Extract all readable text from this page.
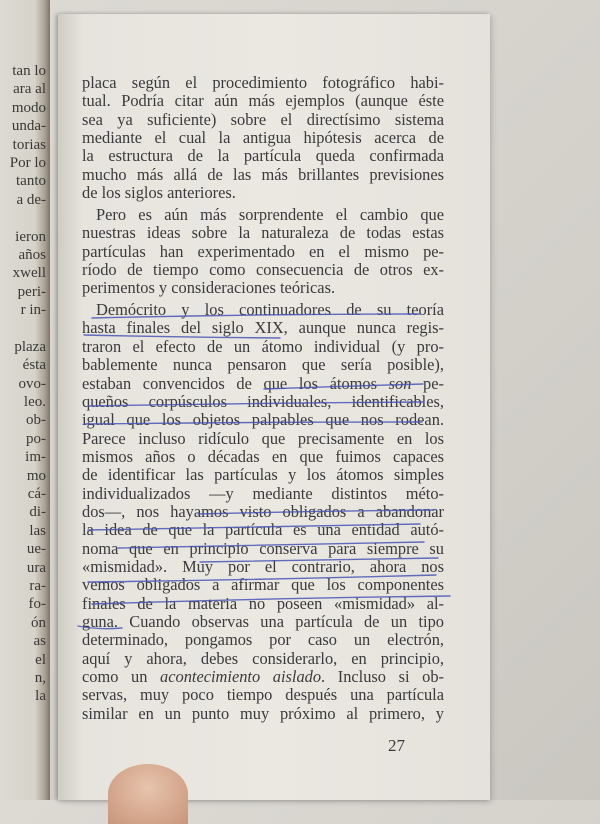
tan lo
ara al
modo
unda-
torias
Por lo
tanto
a de-
ieron
años
xwell
peri-
r in-
plaza
ésta
ovo-
leo.
ob-
po-
im-
mo
cá-
di-
las
ue-
ura
ra-
fo-
ón
as
el
n,
la
placa según el procedimiento fotográfico habi-
tual. Podría citar aún más ejemplos (aunque éste
sea ya suficiente) sobre el directísimo sistema
mediante el cual la antigua hipótesis acerca de
la estructura de la partícula queda confirmada
mucho más allá de las más brillantes previsiones
de los siglos anteriores.
Pero es aún más sorprendente el cambio que
nuestras ideas sobre la naturaleza de todas estas
partículas han experimentado en el mismo pe-
ríodo de tiempo como consecuencia de otros ex-
perimentos y consideraciones teóricas.
Demócrito y los continuadores de su teoría
hasta finales del siglo XIX, aunque nunca regis-
traron el efecto de un átomo individual (y pro-
bablemente nunca pensaron que sería posible),
estaban convencidos de que los átomos son pe-
queños corpúsculos individuales, identificables,
igual que los objetos palpables que nos rodean.
Parece incluso ridículo que precisamente en los
mismos años o décadas en que fuimos capaces
de identificar las partículas y los átomos simples
individualizados —y mediante distintos méto-
dos—, nos hayamos visto obligados a abandonar
la idea de que la partícula es una entidad autó-
noma que en principio conserva para siempre su
«mismidad». Muy por el contrario, ahora nos
vemos obligados a afirmar que los componentes
finales de la materia no poseen «mismidad» al-
guna. Cuando observas una partícula de un tipo
determinado, pongamos por caso un electrón,
aquí y ahora, debes considerarlo, en principio,
como un acontecimiento aislado. Incluso si ob-
servas, muy poco tiempo después una partícula
similar en un punto muy próximo al primero, y
27
